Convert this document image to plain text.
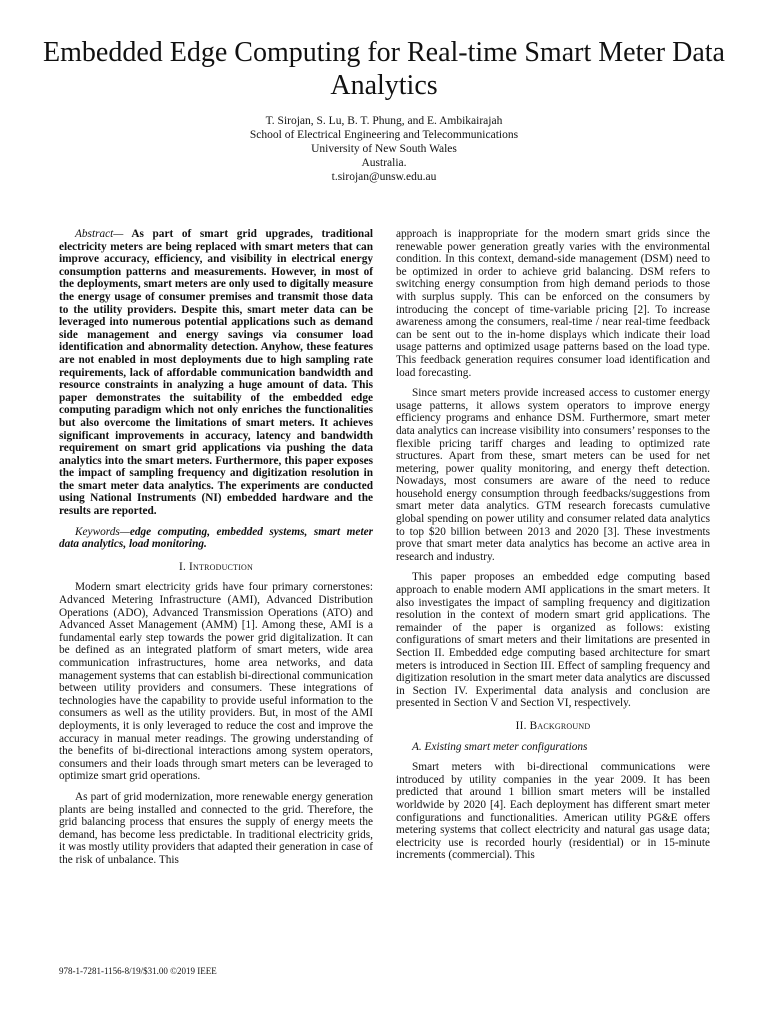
Embedded Edge Computing for Real-time Smart Meter Data Analytics
T. Sirojan, S. Lu, B. T. Phung, and E. Ambikairajah
School of Electrical Engineering and Telecommunications
University of New South Wales
Australia.
t.sirojan@unsw.edu.au

Abstract— As part of smart grid upgrades, traditional electricity meters are being replaced with smart meters that can improve accuracy, efficiency, and visibility in electrical energy consumption patterns and measurements. However, in most of the deployments, smart meters are only used to digitally measure the energy usage of consumer premises and transmit those data to the utility providers. Despite this, smart meter data can be leveraged into numerous potential applications such as demand side management and energy savings via consumer load identification and abnormality detection. Anyhow, these features are not enabled in most deployments due to high sampling rate requirements, lack of affordable communication bandwidth and resource constraints in analyzing a huge amount of data. This paper demonstrates the suitability of the embedded edge computing paradigm which not only enriches the functionalities but also overcome the limitations of smart meters. It achieves significant improvements in accuracy, latency and bandwidth requirement on smart grid applications via pushing the data analytics into the smart meters. Furthermore, this paper exposes the impact of sampling frequency and digitization resolution in the smart meter data analytics. The experiments are conducted using National Instruments (NI) embedded hardware and the results are reported.

Keywords—edge computing, embedded systems, smart meter data analytics, load monitoring.

I. Introduction

Modern smart electricity grids have four primary cornerstones: Advanced Metering Infrastructure (AMI), Advanced Distribution Operations (ADO), Advanced Transmission Operations (ATO) and Advanced Asset Management (AMM) [1]. Among these, AMI is a fundamental early step towards the power grid digitalization. It can be defined as an integrated platform of smart meters, wide area communication infrastructures, home area networks, and data management systems that can establish bi-directional communication between utility providers and consumers. These integrations of technologies have the capability to provide useful information to the consumers as well as the utility providers. But, in most of the AMI deployments, it is only leveraged to reduce the cost and improve the accuracy in manual meter readings. The growing understanding of the benefits of bi-directional interactions among system operators, consumers and their loads through smart meters can be leveraged to optimize smart grid operations.

As part of grid modernization, more renewable energy generation plants are being installed and connected to the grid. Therefore, the grid balancing process that ensures the supply of energy meets the demand, has become less predictable. In traditional electricity grids, it was mostly utility providers that adapted their generation in case of the risk of unbalance. This

approach is inappropriate for the modern smart grids since the renewable power generation greatly varies with the environmental condition. In this context, demand-side management (DSM) need to be optimized in order to achieve grid balancing. DSM refers to switching energy consumption from high demand periods to those with surplus supply. This can be enforced on the consumers by introducing the concept of time-variable pricing [2]. To increase awareness among the consumers, real-time / near real-time feedback can be sent out to the in-home displays which indicate their load usage patterns and optimized usage patterns based on the load type. This feedback generation requires consumer load identification and load forecasting.

Since smart meters provide increased access to customer energy usage patterns, it allows system operators to improve energy efficiency programs and enhance DSM. Furthermore, smart meter data analytics can increase visibility into consumers’ responses to the flexible pricing tariff charges and leading to optimized rate structures. Apart from these, smart meters can be used for net metering, power quality monitoring, and energy theft detection. Nowadays, most consumers are aware of the need to reduce household energy consumption through feedbacks/suggestions from smart meter data analytics. GTM research forecasts cumulative global spending on power utility and consumer related data analytics to top $20 billion between 2013 and 2020 [3]. These investments prove that smart meter data analytics has become an active area in research and industry.

This paper proposes an embedded edge computing based approach to enable modern AMI applications in the smart meters. It also investigates the impact of sampling frequency and digitization resolution in the context of modern smart grid applications. The remainder of the paper is organized as follows: existing configurations of smart meters and their limitations are presented in Section II. Embedded edge computing based architecture for smart meters is introduced in Section III. Effect of sampling frequency and digitization resolution in the smart meter data analytics are discussed in Section IV. Experimental data analysis and conclusion are presented in Section V and Section VI, respectively.

II. Background

A. Existing smart meter configurations

Smart meters with bi-directional communications were introduced by utility companies in the year 2009. It has been predicted that around 1 billion smart meters will be installed worldwide by 2020 [4]. Each deployment has different smart meter configurations and functionalities. American utility PG&E offers metering systems that collect electricity and natural gas usage data; electricity use is recorded hourly (residential) or in 15-minute increments (commercial). This

978-1-7281-1156-8/19/$31.00 ©2019 IEEE
